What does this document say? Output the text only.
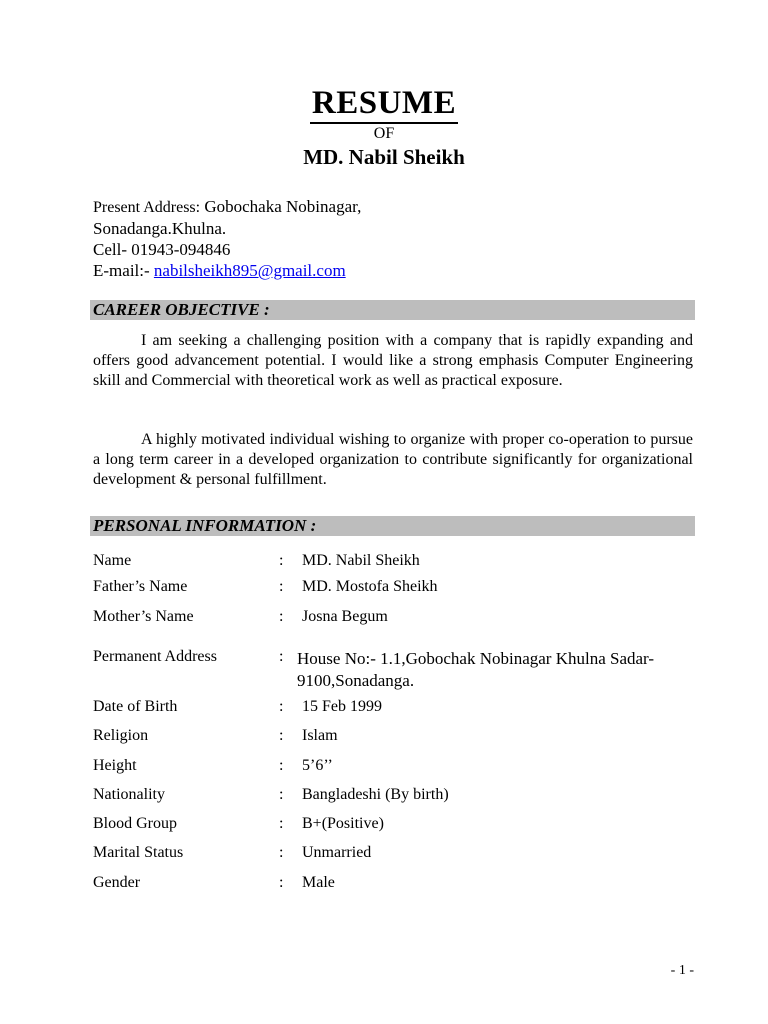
RESUME
OF
MD. Nabil Sheikh
Present Address: Gobochaka Nobinagar,
Sonadanga.Khulna.
Cell- 01943-094846
E-mail:- nabilsheikh895@gmail.com
CAREER OBJECTIVE :
I am seeking a challenging position with a company that is rapidly expanding and offers good advancement potential. I would like a strong emphasis Computer Engineering skill and Commercial with theoretical work as well as practical exposure.
A highly motivated individual wishing to organize with proper co-operation to pursue a long term career in a developed organization to contribute significantly for organizational development & personal fulfillment.
PERSONAL INFORMATION :
Name	: MD. Nabil Sheikh
Father’s Name	: MD. Mostofa Sheikh
Mother’s Name	: Josna Begum
Permanent Address	: House No:- 1.1,Gobochak Nobinagar Khulna Sadar- 9100,Sonadanga.
Date of Birth	: 15 Feb 1999
Religion	: Islam
Height	: 5’6’’
Nationality	: Bangladeshi (By birth)
Blood Group	: B+(Positive)
Marital Status	: Unmarried
Gender	: Male
- 1 -
